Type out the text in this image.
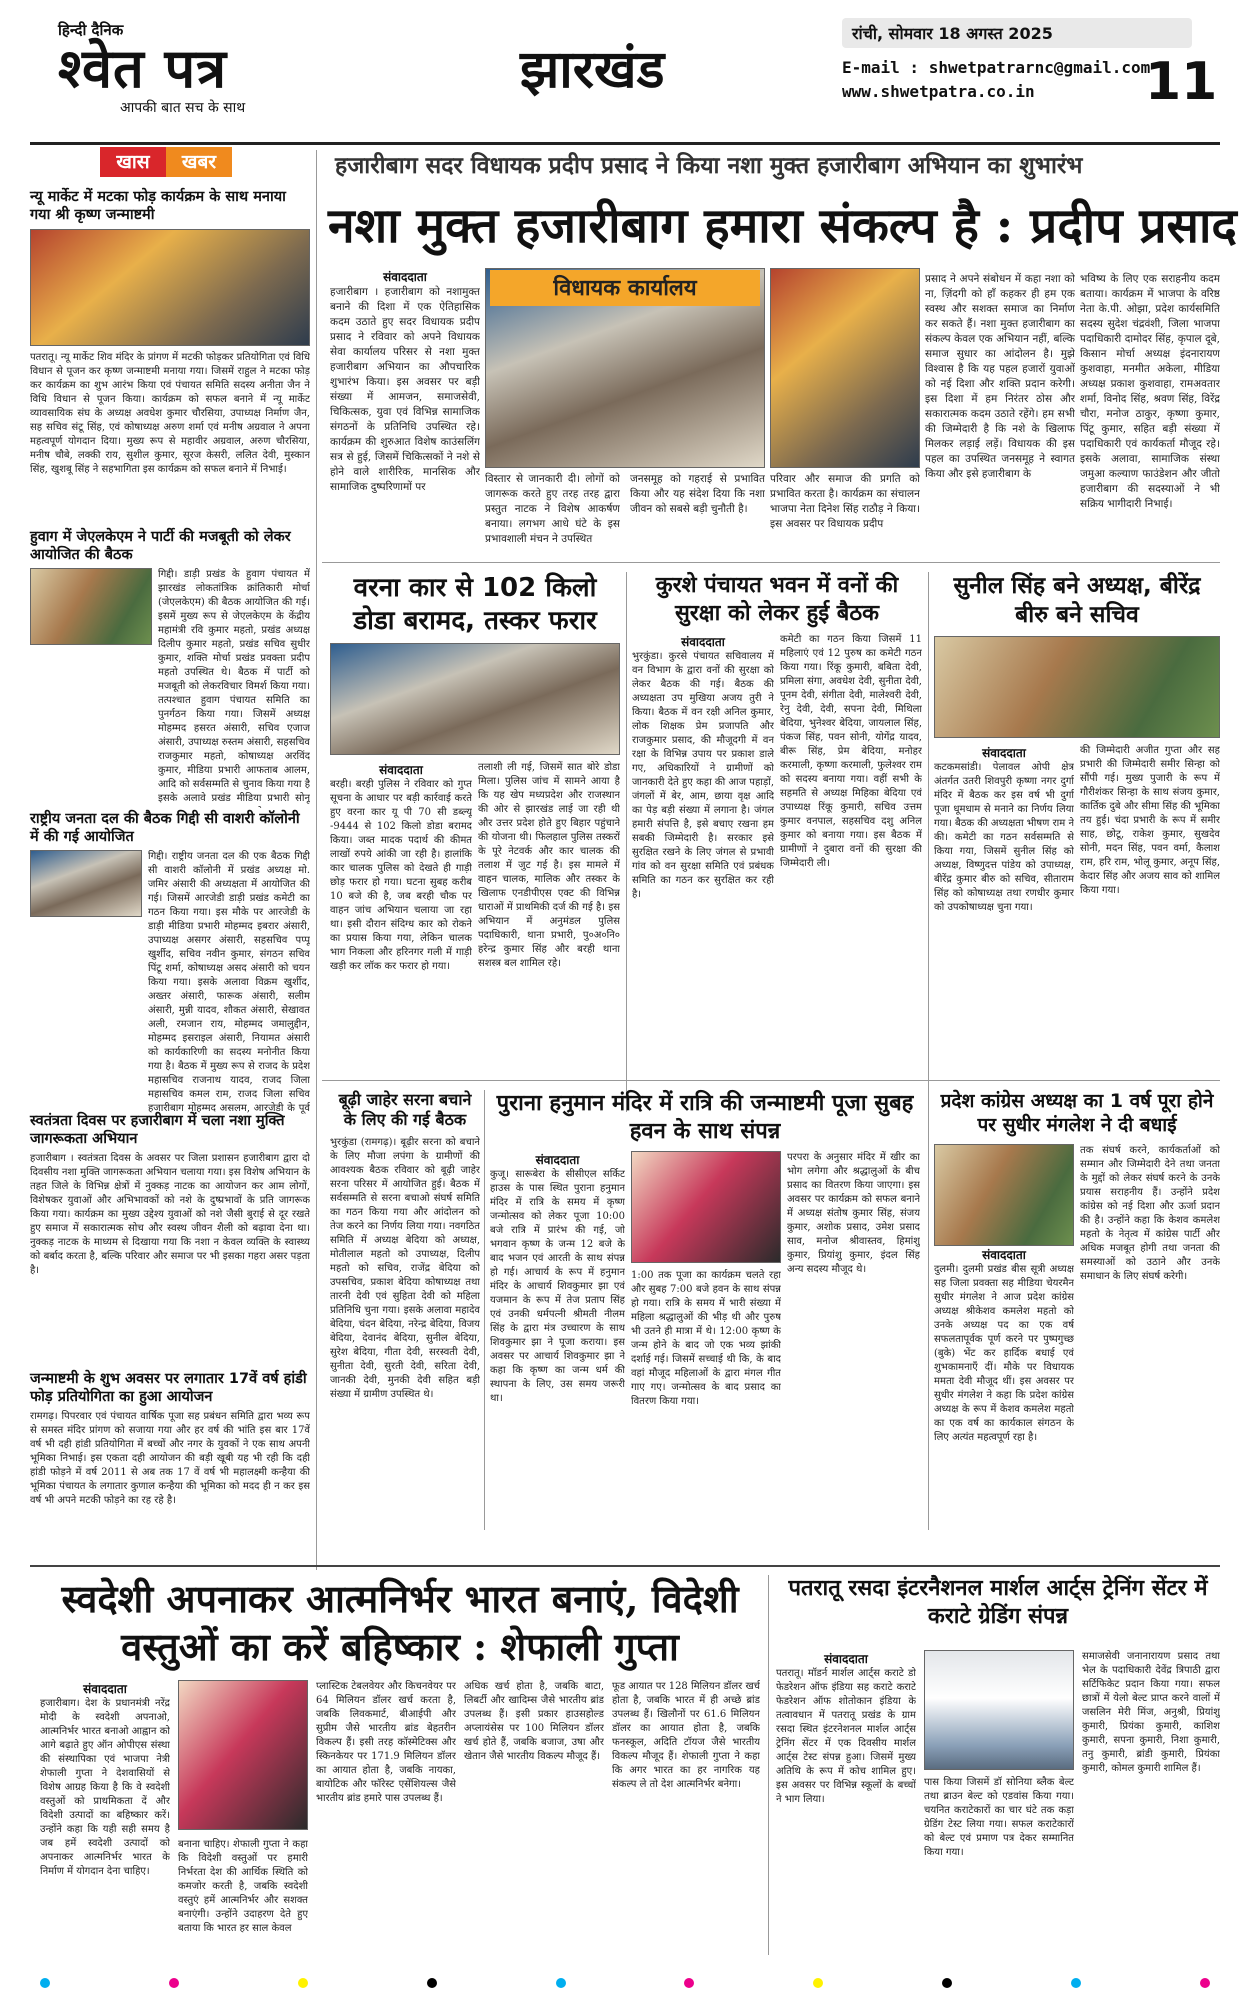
हिन्दी दैनिक
श्वेत पत्र
आपकी बात सच के साथ
झारखंड
रांची, सोमवार 18 अगस्त 2025
E-mail : shwetpatrarnc@gmail.com
www.shwetpatra.co.in	11
खास	खबर
न्यू मार्केट में मटका फोड़ कार्यक्रम के साथ मनाया गया श्री कृष्ण जन्माष्टमी
पतरातू। न्यू मार्केट शिव मंदिर के प्रांगण में मटकी फोड़कर प्रतियोगिता एवं विधि विधान से पूजन कर कृष्ण जन्माष्टमी मनाया गया। जिसमें राहुल ने मटका फोड़ कर कार्यक्रम का शुभ आरंभ किया एवं पंचायत समिति सदस्य अनीता जैन ने विधि विधान से पूजन किया। कार्यक्रम को सफल बनाने में न्यू मार्केट व्यावसायिक संघ के अध्यक्ष अवधेश कुमार चौरसिया, उपाध्यक्ष निर्माण जैन, सह सचिव संटू सिंह, एवं कोषाध्यक्ष अरुण शर्मा एवं मनीष अग्रवाल ने अपना महत्वपूर्ण योगदान दिया। मुख्य रूप से महावीर अग्रवाल, अरुण चौरसिया, मनीष चौबे, लक्की राय, सुशील कुमार, सूरज केसरी, ललित देवी, मुस्कान सिंह, खुशबू सिंह ने सहभागिता इस कार्यक्रम को सफल बनाने में निभाई।
हुवाग में जेएलकेएम ने पार्टी की मजबूती को लेकर आयोजित की बैठक
गिद्दी। डाड़ी प्रखंड के हुवाग पंचायत में झारखंड लोकतांत्रिक क्रांतिकारी मोर्चा (जेएलकेएम) की बैठक आयोजित की गई। इसमें मुख्य रूप से जेएलकेएम के केंद्रीय महामंत्री रवि कुमार महतो, प्रखंड अध्यक्ष दिलीप कुमार महतो, प्रखंड सचिव सुधीर कुमार, शक्ति मोर्चा प्रखंड प्रवक्ता प्रदीप महतो उपस्थित थे। बैठक में पार्टी को मजबूती को लेकरविचार विमर्श किया गया। तत्पश्चात हुवाग पंचायत समिति का पुनर्गठन किया गया। जिसमें अध्यक्ष मोहम्मद हसरत अंसारी, सचिव एजाज अंसारी, उपाध्यक्ष रुस्तम अंसारी, सहसचिव राजकुमार महतो, कोषाध्यक्ष अरविंद कुमार, मीडिया प्रभारी आफताब आलम, आदि को सर्वसम्मति से चुनाव किया गया है इसके अलावे प्रखंड मीडिया प्रभारी सोनू
राष्ट्रीय जनता दल की बैठक गिद्दी सी वाशरी कॉलोनी में की गई आयोजित
गिद्दी। राष्ट्रीय जनता दल की एक बैठक गिद्दी सी वाशरी कॉलोनी में प्रखंड अध्यक्ष मो. जमिर अंसारी की अध्यक्षता में आयोजित की गई। जिसमें आरजेडी डाड़ी प्रखंड कमेटी का गठन किया गया। इस मौके पर आरजेडी के डाड़ी मीडिया प्रभारी मोहम्मद इबरार अंसारी, उपाध्यक्ष असगर अंसारी, सहसचिव पप्पू खुर्शीद, सचिव नवीन कुमार, संगठन सचिव पिंटू शर्मा, कोषाध्यक्ष असद अंसारी को चयन किया गया। इसके अलावा विक्रम खुर्शीद, अख्तर अंसारी, फारूक अंसारी, सलीम अंसारी, मुन्नी यादव, शौकत अंसारी, सेखावत अली, रमजान राय, मोहम्मद जमालुद्दीन, मोहम्मद इसराइल अंसारी, नियामत अंसारी को कार्यकारिणी का सदस्य मनोनीत किया गया है। बैठक में मुख्य रूप से राजद के प्रदेश महासचिव राजनाथ यादव, राजद जिला महासचिव कमल राम, राजद जिला सचिव हजारीबाग मोहम्मद असलम, आरजेडी के पूर्व
स्वतंत्रता दिवस पर हजारीबाग में चला नशा मुक्ति जागरूकता अभियान
हजारीबाग । स्वतंत्रता दिवस के अवसर पर जिला प्रशासन हजारीबाग द्वारा दो दिवसीय नशा मुक्ति जागरूकता अभियान चलाया गया। इस विशेष अभियान के तहत जिले के विभिन्न क्षेत्रों में नुक्कड़ नाटक का आयोजन कर आम लोगों, विशेषकर युवाओं और अभिभावकों को नशे के दुष्प्रभावों के प्रति जागरूक किया गया। कार्यक्रम का मुख्य उद्देश्य युवाओं को नशे जैसी बुराई से दूर रखते हुए समाज में सकारात्मक सोच और स्वस्थ जीवन शैली को बढ़ावा देना था। नुक्कड़ नाटक के माध्यम से दिखाया गया कि नशा न केवल व्यक्ति के स्वास्थ्य को बर्बाद करता है, बल्कि परिवार और समाज पर भी इसका गहरा असर पड़ता है।
जन्माष्टमी के शुभ अवसर पर लगातार 17वें वर्ष हांडी फोड़ प्रतियोगिता का हुआ आयोजन
रामगढ़। पिपरवार एवं पंचायत वार्षिक पूजा सह प्रबंधन समिति द्वारा भव्य रूप से समस्त मंदिर प्रांगण को सजाया गया और हर वर्ष की भांति इस बार 17वें वर्ष भी दही हांडी प्रतियोगिता में बच्चों और नगर के युवकों ने एक साथ अपनी भूमिका निभाई। इस एकता दही आयोजन की बड़ी खूबी यह भी रही कि दही हांडी फोड़ने में वर्ष 2011 से अब तक 17 वें वर्ष भी महालक्ष्मी कन्हैया की भूमिका पंचायत के लगातार कुणाल कन्हैया की भूमिका को मदद ही न कर इस वर्ष भी अपने मटकी फोड़ने का रह रहे है।
हजारीबाग सदर विधायक प्रदीप प्रसाद ने किया नशा मुक्त हजारीबाग अभियान का शुभारंभ
नशा मुक्त हजारीबाग हमारा संकल्प है : प्रदीप प्रसाद
संवाददाता
हजारीबाग । हजारीबाग को नशामुक्त बनाने की दिशा में एक ऐतिहासिक कदम उठाते हुए सदर विधायक प्रदीप प्रसाद ने रविवार को अपने विधायक सेवा कार्यालय परिसर से नशा मुक्त हजारीबाग अभियान का औपचारिक शुभारंभ किया। इस अवसर पर बड़ी संख्या में आमजन, समाजसेवी, चिकित्सक, युवा एवं विभिन्न सामाजिक संगठनों के प्रतिनिधि उपस्थित रहे। कार्यक्रम की शुरुआत विशेष काउंसलिंग सत्र से हुई, जिसमें चिकित्सकों ने नशे से होने वाले शारीरिक, मानसिक और सामाजिक दुष्परिणामों पर
विधायक कार्यालय
विस्तार से जानकारी दी। लोगों को जागरूक करते हुए तरह तरह द्वारा प्रस्तुत नाटक ने विशेष आकर्षण बनाया। लगभग आधे घंटे के इस प्रभावशाली मंचन ने उपस्थित
जनसमूह को गहराई से प्रभावित किया और यह संदेश दिया कि नशा जीवन को सबसे बड़ी चुनौती है।
परिवार और समाज की प्रगति को प्रभावित करता है। कार्यक्रम का संचालन भाजपा नेता दिनेश सिंह राठौड़ ने किया। इस अवसर पर विधायक प्रदीप
प्रसाद ने अपने संबोधन में कहा नशा को ना, ज़िंदगी को हाँ कहकर ही हम एक स्वस्थ और सशक्त समाज का निर्माण कर सकते हैं। नशा मुक्त हजारीबाग का संकल्प केवल एक अभियान नहीं, बल्कि समाज सुधार का आंदोलन है। मुझे विश्वास है कि यह पहल हजारों युवाओं को नई दिशा और शक्ति प्रदान करेगी। इस दिशा में हम निरंतर ठोस और सकारात्मक कदम उठाते रहेंगे। हम सभी की जिम्मेदारी है कि नशे के खिलाफ मिलकर लड़ाई लड़ें। विधायक की इस पहल का उपस्थित जनसमूह ने स्वागत किया और इसे हजारीबाग के
भविष्य के लिए एक सराहनीय कदम बताया। कार्यक्रम में भाजपा के वरिष्ठ नेता के.पी. ओझा, प्रदेश कार्यसमिति सदस्य सुदेश चंद्रवंशी, जिला भाजपा पदाधिकारी दामोदर सिंह, कृपाल दूबे, किसान मोर्चा अध्यक्ष इंदनारायण कुशवाहा, मनमीत अकेला, मीडिया अध्यक्ष प्रकाश कुशवाहा, रामअवतार शर्मा, विनोद सिंह, श्रवण सिंह, विरेंद्र चौरा, मनोज ठाकुर, कृष्णा कुमार, पिंटू कुमार, सहित बड़ी संख्या में पदाधिकारी एवं कार्यकर्ता मौजूद रहे। इसके अलावा, सामाजिक संस्था जमुआ कल्याण फाउंडेशन और जीतो हजारीबाग की सदस्याओं ने भी सक्रिय भागीदारी निभाई।
वरना कार से 102 किलो डोडा बरामद, तस्कर फरार
संवाददाता
बरही। बरही पुलिस ने रविवार को गुप्त सूचना के आधार पर बड़ी कार्रवाई करते हुए वरना कार यू पी 70 सी डब्ल्यू -9444 से 102 किलो डोडा बरामद किया। जब्त मादक पदार्थ की कीमत लाखों रुपये आंकी जा रही है। हालांकि कार चालक पुलिस को देखते ही गाड़ी छोड़ फरार हो गया। घटना सुबह करीब 10 बजे की है, जब बरही चौक पर वाहन जांच अभियान चलाया जा रहा था। इसी दौरान संदिग्ध कार को रोकने का प्रयास किया गया, लेकिन चालक भाग निकला और हरिनगर गली में गाड़ी खड़ी कर लॉक कर फरार हो गया।
तलाशी ली गई, जिसमें सात बोरे डोडा मिला। पुलिस जांच में सामने आया है कि यह खेप मध्यप्रदेश और राजस्थान की ओर से झारखंड लाई जा रही थी और उत्तर प्रदेश होते हुए बिहार पहुंचाने की योजना थी। फिलहाल पुलिस तस्करों के पूरे नेटवर्क और कार चालक की तलाश में जुट गई है। इस मामले में वाहन चालक, मालिक और तस्कर के खिलाफ एनडीपीएस एक्ट की विभिन्न धाराओं में प्राथमिकी दर्ज की गई है। इस अभियान में अनुमंडल पुलिस पदाधिकारी, थाना प्रभारी, पु०अ०नि० हरेन्द्र कुमार सिंह और बरही थाना सशस्त्र बल शामिल रहे।
कुरशे पंचायत भवन में वनों की सुरक्षा को लेकर हुई बैठक
संवाददाता
भुरकुंडा। कुरसे पंचायत सचिवालय में वन विभाग के द्वारा वनों की सुरक्षा को लेकर बैठक की गई। बैठक की अध्यक्षता उप मुखिया अजय तुरी ने किया। बैठक में वन रक्षी अनिल कुमार, लोक शिक्षक प्रेम प्रजापति और राजकुमार प्रसाद, की मौजूदगी में वन रक्षा के विभिन्न उपाय पर प्रकाश डाले गए, अधिकारियों ने ग्रामीणों को जानकारी देते हुए कहा की आज पहाड़ों, जंगलों में बेर, आम, छाया वृक्ष आदि का पेड़ बड़ी संख्या में लगाना है। जंगल हमारी संपत्ति है, इसे बचाए रखना हम सबकी जिम्मेदारी है। सरकार इसे सुरक्षित रखने के लिए जंगल से प्रभावी गांव को वन सुरक्षा समिति एवं प्रबंधक समिति का गठन कर सुरक्षित कर रही है।
कमेटी का गठन किया जिसमें 11 महिलाएं एवं 12 पुरुष का कमेटी गठन किया गया। रिंकू कुमारी, बबिता देवी, प्रमिला संगा, अवधेश देवी, सुनीता देवी, पूनम देवी, संगीता देवी, मालेश्वरी देवी, रेनु देवी, देवी, सपना देवी, मिथिला बेदिया, भुनेश्वर बेदिया, जायलाल सिंह, पंकज सिंह, पवन सोनी, योगेंद्र यादव, बीरू सिंह, प्रेम बेदिया, मनोहर करमाली, कृष्णा करमाली, फुलेश्वर राम को सदस्य बनाया गया। वहीं सभी के सहमति से अध्यक्ष मिहिका बेदिया एवं उपाध्यक्ष रिंकू कुमारी, सचिव उत्तम कुमार वनपाल, सहसचिव दशु अनिल कुमार को बनाया गया। इस बैठक में ग्रामीणों ने दुबारा वनों की सुरक्षा की जिम्मेदारी ली।
सुनील सिंह बने अध्यक्ष, बीरेंद्र बीरु बने सचिव
संवाददाता
कटकमसांडी। पेलावल ओपी क्षेत्र अंतर्गत उतरी शिवपुरी कृष्णा नगर दुर्गा मंदिर में बैठक कर इस वर्ष भी दुर्गा पूजा धूमधाम से मनाने का निर्णय लिया गया। बैठक की अध्यक्षता भीषण राम ने की। कमेटी का गठन सर्वसम्मति से किया गया, जिसमें सुनील सिंह को अध्यक्ष, विष्णुदत्त पांडेय को उपाध्यक्ष, बीरेंद्र कुमार बीरु को सचिव, सीताराम सिंह को कोषाध्यक्ष तथा रणधीर कुमार को उपकोषाध्यक्ष चुना गया।
की जिम्मेदारी अजीत गुप्ता और सह प्रभारी की जिम्मेदारी समीर सिन्हा को सौंपी गई। मुख्य पुजारी के रूप में गौरीशंकर सिन्हा के साथ संजय कुमार, कार्तिक दुबे और सीमा सिंह की भूमिका तय हुई। चंदा प्रभारी के रूप में समीर साह, छोटू, राकेश कुमार, सुखदेव सोनी, मदन सिंह, पवन वर्मा, कैलाश राम, हरि राम, भोलू कुमार, अनूप सिंह, केदार सिंह और अजय साव को शामिल किया गया।
बूढ़ी जाहेर सरना बचाने के लिए की गई बैठक
भुरकुंडा (रामगढ़)। बूढ़ीर सरना को बचाने के लिए मौजा लपंगा के ग्रामीणों की आवश्यक बैठक रविवार को बूढ़ी जाहेर सरना परिसर में आयोजित हुई। बैठक में सर्वसम्मति से सरना बचाओ संघर्ष समिति का गठन किया गया और आंदोलन को तेज करने का निर्णय लिया गया। नवगठित समिति में अध्यक्ष बेदिया को अध्यक्ष, मोतीलाल महतो को उपाध्यक्ष, दिलीप महतो को सचिव, राजेंद्र बेदिया को उपसचिव, प्रकाश बेदिया कोषाध्यक्ष तथा तारनी देवी एवं सुहिता देवी को महिला प्रतिनिधि चुना गया। इसके अलावा महादेव बेदिया, चंदन बेदिया, नरेन्द्र बेदिया, विजय बेदिया, देवानंद बेदिया, सुनील बेदिया, सुरेश बेदिया, गीता देवी, सरस्वती देवी, सुनीता देवी, सुरती देवी, सरिता देवी, जानकी देवी, मुनकी देवी सहित बड़ी संख्या में ग्रामीण उपस्थित थे।
पुराना हनुमान मंदिर में रात्रि की जन्माष्टमी पूजा सुबह हवन के साथ संपन्न
संवाददाता
कुजू। सारूबेरा के सीसीएल सर्किट हाउस के पास स्थित पुराना हनुमान मंदिर में रात्रि के समय में कृष्ण जन्मोत्सव को लेकर पूजा 10:00 बजे रात्रि में प्रारंभ की गई, जो भगवान कृष्ण के जन्म 12 बजे के बाद भजन एवं आरती के साथ संपन्न हो गई। आचार्य के रूप में हनुमान मंदिर के आचार्य शिवकुमार झा एवं यजमान के रूप में तेज प्रताप सिंह एवं उनकी धर्मपत्नी श्रीमती नीलम सिंह के द्वारा मंत्र उच्चारण के साथ शिवकुमार झा ने पूजा कराया। इस अवसर पर आचार्य शिवकुमार झा ने कहा कि कृष्ण का जन्म धर्म की स्थापना के लिए, उस समय जरूरी था।
1:00 तक पूजा का कार्यक्रम चलते रहा और सुबह 7:00 बजे हवन के साथ संपन्न हो गया। रात्रि के समय में भारी संख्या में महिला श्रद्धालुओं की भीड़ थी और पुरुष भी उतने ही मात्रा में थे। 12:00 कृष्ण के जन्म होने के बाद जो एक भव्य झांकी दर्शाई गई। जिसमें सच्चाई थी कि, के बाद वहां मौजूद महिलाओं के द्वारा मंगल गीत गाए गए। जन्मोत्सव के बाद प्रसाद का वितरण किया गया।
परपरा के अनुसार मंदिर में खीर का भोग लगेगा और श्रद्धालुओं के बीच प्रसाद का वितरण किया जाएगा। इस अवसर पर कार्यक्रम को सफल बनाने में अध्यक्ष संतोष कुमार सिंह, संजय कुमार, अशोक प्रसाद, उमेश प्रसाद साव, मनोज श्रीवास्तव, हिमांशु कुमार, प्रियांशु कुमार, इंदल सिंह अन्य सदस्य मौजूद थे।
प्रदेश कांग्रेस अध्यक्ष का 1 वर्ष पूरा होने पर सुधीर मंगलेश ने दी बधाई
संवाददाता
दुलमी। दुलमी प्रखंड बीस सूत्री अध्यक्ष सह जिला प्रवक्ता सह मीडिया चेयरमैन सुधीर मंगलेश ने आज प्रदेश कांग्रेस अध्यक्ष श्रीकेशव कमलेश महतो को उनके अध्यक्ष पद का एक वर्ष सफलतापूर्वक पूर्ण करने पर पुष्पगुच्छ (बुके) भेंट कर हार्दिक बधाई एवं शुभकामनाएँ दीं। मौके पर विधायक ममता देवी मौजूद थीं। इस अवसर पर सुधीर मंगलेश ने कहा कि प्रदेश कांग्रेस अध्यक्ष के रूप में केशव कमलेश महतो का एक वर्ष का कार्यकाल संगठन के लिए अत्यंत महत्वपूर्ण रहा है।
तक संघर्ष करने, कार्यकर्ताओं को सम्मान और जिम्मेदारी देने तथा जनता के मुद्दों को लेकर संघर्ष करने के उनके प्रयास सराहनीय हैं। उन्होंने प्रदेश कांग्रेस को नई दिशा और ऊर्जा प्रदान की है। उन्होंने कहा कि केशव कमलेश महतो के नेतृत्व में कांग्रेस पार्टी और अधिक मजबूत होगी तथा जनता की समस्याओं को उठाने और उनके समाधान के लिए संघर्ष करेगी।
स्वदेशी अपनाकर आत्मनिर्भर भारत बनाएं, विदेशी वस्तुओं का करें बहिष्कार : शेफाली गुप्ता
संवाददाता
हजारीबाग। देश के प्रधानमंत्री नरेंद्र मोदी के स्वदेशी अपनाओ, आत्मनिर्भर भारत बनाओ आह्वान को आगे बढ़ाते हुए ऑन ओपीएस संस्था की संस्थापिका एवं भाजपा नेत्री शेफाली गुप्ता ने देशवासियों से विशेष आग्रह किया है कि वे स्वदेशी वस्तुओं को प्राथमिकता दें और विदेशी उत्पादों का बहिष्कार करें। उन्होंने कहा कि यही सही समय है जब हमें स्वदेशी उत्पादों को अपनाकर आत्मनिर्भर भारत के निर्माण में योगदान देना चाहिए।
बनाना चाहिए। शेफाली गुप्ता ने कहा कि विदेशी वस्तुओं पर हमारी निर्भरता देश की आर्थिक स्थिति को कमजोर करती है, जबकि स्वदेशी वस्तुएं हमें आत्मनिर्भर और सशक्त बनाएंगी। उन्होंने उदाहरण देते हुए बताया कि भारत हर साल केवल
प्लास्टिक टेबलवेयर और किचनवेयर पर 64 मिलियन डॉलर खर्च करता है, जबकि लिवकमार्ट, बीआईपी और सुप्रीम जैसे भारतीय ब्रांड बेहतरीन विकल्प हैं। इसी तरह कॉस्मेटिक्स और स्किनकेयर पर 171.9 मिलियन डॉलर का आयात होता है, जबकि नायका, बायोटिक और फॉरेस्ट एसेंशियल्स जैसे भारतीय ब्रांड हमारे पास उपलब्ध हैं।
अधिक खर्च होता है, जबकि बाटा, लिबर्टी और खादिम्स जैसे भारतीय ब्रांड उपलब्ध हैं। इसी प्रकार हाउसहोल्ड अप्लायंसेस पर 100 मिलियन डॉलर खर्च होते हैं, जबकि बजाज, उषा और खेतान जैसे भारतीय विकल्प मौजूद हैं।
फूड आयात पर 128 मिलियन डॉलर खर्च होता है, जबकि भारत में ही अच्छे ब्रांड उपलब्ध हैं। खिलौनों पर 61.6 मिलियन डॉलर का आयात होता है, जबकि फनस्कूल, अदिति टॉयज जैसे भारतीय विकल्प मौजूद हैं। शेफाली गुप्ता ने कहा कि अगर भारत का हर नागरिक यह संकल्प ले तो देश आत्मनिर्भर बनेगा।
पतरातू रसदा इंटरनैशनल मार्शल आर्ट्स ट्रेनिंग सेंटर में कराटे ग्रेडिंग संपन्न
संवाददाता
पतरातू। मॉडर्न मार्शल आर्ट्स कराटे डो फेडरेशन ऑफ इंडिया सह कराटे कराटे फेडरेशन ऑफ शोतोकान इंडिया के तत्वावधान में पतरातू प्रखंड के ग्राम रसदा स्थित इंटरनेशनल मार्शल आर्ट्स ट्रेनिंग सेंटर में एक दिवसीय मार्शल आर्ट्स टेस्ट संपन्न हुआ। जिसमें मुख्य अतिथि के रूप में कोच शामिल हुए। इस अवसर पर विभिन्न स्कूलों के बच्चों ने भाग लिया।
पास किया जिसमें डॉ सोनिया ब्लैक बेल्ट तथा ब्राउन बेल्ट को एडवांस किया गया। चयनित कराटेकारों का चार घंटे तक कड़ा ग्रेडिंग टेस्ट लिया गया। सफल कराटेकारों को बेल्ट एवं प्रमाण पत्र देकर सम्मानित किया गया।
समाजसेवी जनानारायण प्रसाद तथा भेल के पदाधिकारी देवेंद्र त्रिपाठी द्वारा सर्टिफिकेट प्रदान किया गया। सफल छात्रों में येलो बेल्ट प्राप्त करने वालों में जसलिन मेरी मिंज, अनुश्री, प्रियांशु कुमारी, प्रियंका कुमारी, काशिश कुमारी, सपना कुमारी, निशा कुमारी, तनु कुमारी, ब्रांडी कुमारी, प्रियंका कुमारी, कोमल कुमारी शामिल हैं।
